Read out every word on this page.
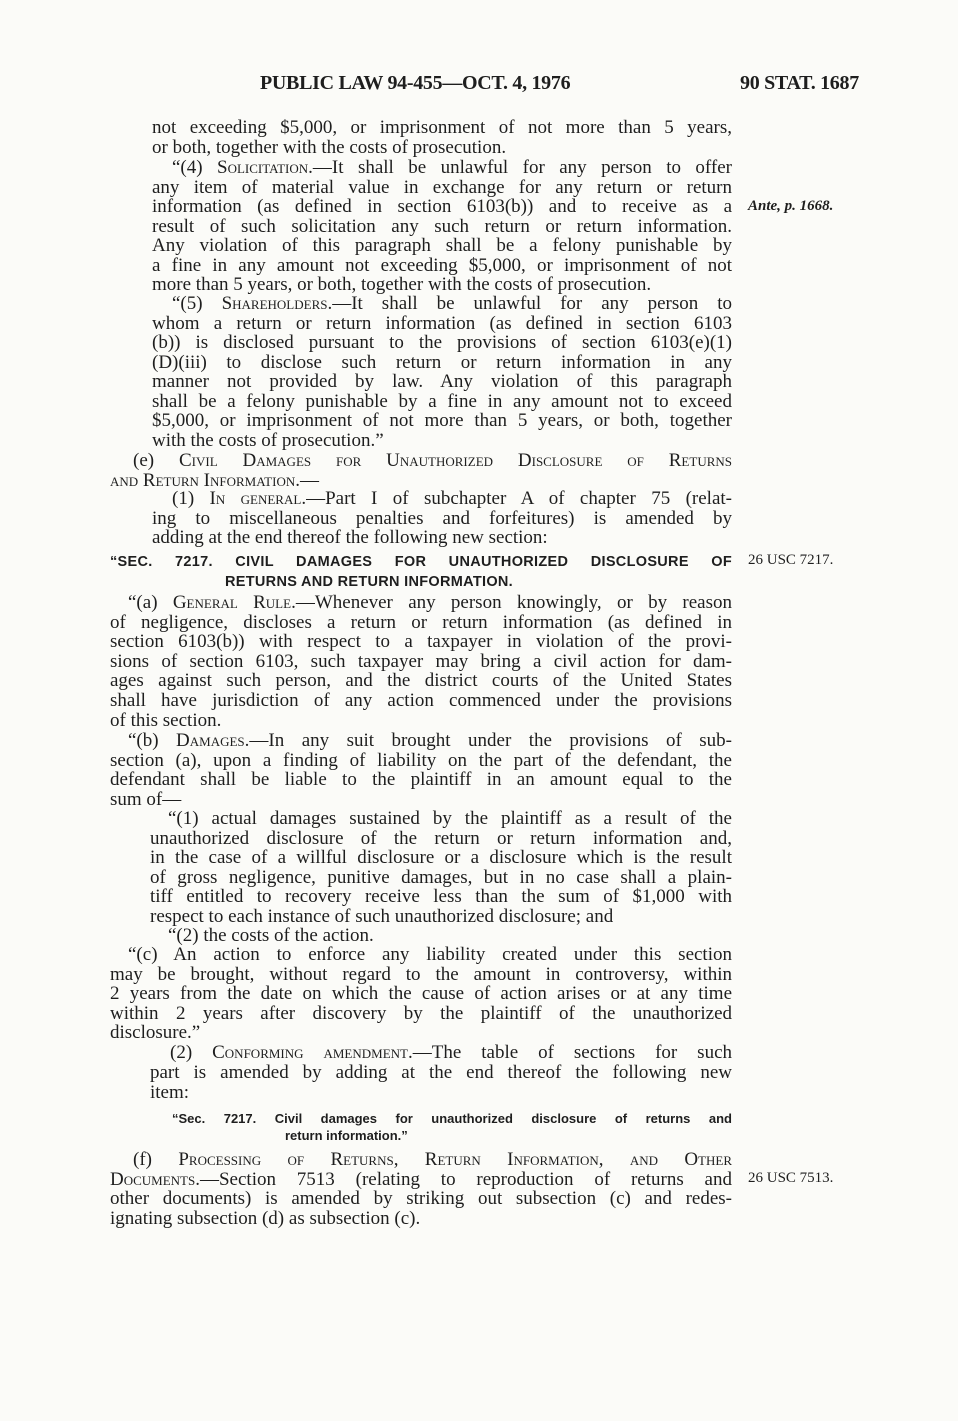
PUBLIC LAW 94-455—OCT. 4, 1976	90 STAT. 1687
Ante, p. 1668.
26 USC 7217.
26 USC 7513.
not exceeding $5,000, or imprisonment of not more than 5 years,
or both, together with the costs of prosecution.
“(4) Solicitation.—It shall be unlawful for any person to offer
any item of material value in exchange for any return or return
information (as defined in section 6103(b)) and to receive as a
result of such solicitation any such return or return information.
Any violation of this paragraph shall be a felony punishable by
a fine in any amount not exceeding $5,000, or imprisonment of not
more than 5 years, or both, together with the costs of prosecution.
“(5) Shareholders.—It shall be unlawful for any person to
whom a return or return information (as defined in section 6103
(b)) is disclosed pursuant to the provisions of section 6103(e)(1)
(D)(iii) to disclose such return or return information in any
manner not provided by law. Any violation of this paragraph
shall be a felony punishable by a fine in any amount not to exceed
$5,000, or imprisonment of not more than 5 years, or both, together
with the costs of prosecution.”
(e) Civil Damages for Unauthorized Disclosure of Returns
and Return Information.—
(1) In general.—Part I of subchapter A of chapter 75 (relat-
ing to miscellaneous penalties and forfeitures) is amended by
adding at the end thereof the following new section:
“SEC. 7217. CIVIL DAMAGES FOR UNAUTHORIZED DISCLOSURE OF
RETURNS AND RETURN INFORMATION.
“(a) General Rule.—Whenever any person knowingly, or by reason
of negligence, discloses a return or return information (as defined in
section 6103(b)) with respect to a taxpayer in violation of the provi-
sions of section 6103, such taxpayer may bring a civil action for dam-
ages against such person, and the district courts of the United States
shall have jurisdiction of any action commenced under the provisions
of this section.
“(b) Damages.—In any suit brought under the provisions of sub-
section (a), upon a finding of liability on the part of the defendant, the
defendant shall be liable to the plaintiff in an amount equal to the
sum of—
“(1) actual damages sustained by the plaintiff as a result of the
unauthorized disclosure of the return or return information and,
in the case of a willful disclosure or a disclosure which is the result
of gross negligence, punitive damages, but in no case shall a plain-
tiff entitled to recovery receive less than the sum of $1,000 with
respect to each instance of such unauthorized disclosure; and
“(2) the costs of the action.
“(c) An action to enforce any liability created under this section
may be brought, without regard to the amount in controversy, within
2 years from the date on which the cause of action arises or at any time
within 2 years after discovery by the plaintiff of the unauthorized
disclosure.”
(2) Conforming amendment.—The table of sections for such
part is amended by adding at the end thereof the following new
item:
“Sec. 7217. Civil damages for unauthorized disclosure of returns and
return information.”
(f) Processing of Returns, Return Information, and Other
Documents.—Section 7513 (relating to reproduction of returns and
other documents) is amended by striking out subsection (c) and redes-
ignating subsection (d) as subsection (c).
